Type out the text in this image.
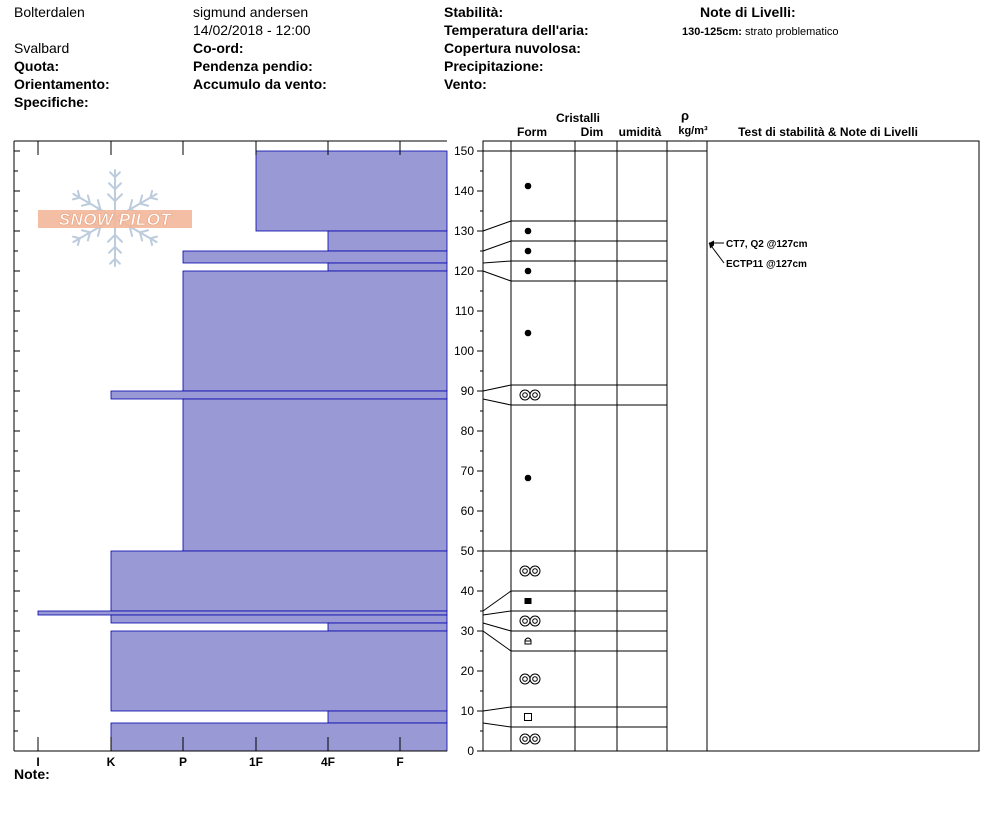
Bolterdalen	sigmund andersen
14/02/2018 - 12:00
Svalbard
Quota:
Orientamento:
Specifiche:
Co-ord:
Pendenza pendio:
Accumulo da vento:
Stabilità:
Temperatura dell'aria:
Copertura nuvolosa:
Precipitazione:
Vento:
Note di Livelli:
130-125cm: strato problematico
Note:
SNOW PILOT
I	K	P	1F	4F	F
0
10
20
30
40
50
60
70
80
90
100
110
120
130
140
150
Cristalli
Form	Dim umidità
ρ
kg/m³	Test di stabilità & Note di Livelli
CT7, Q2 @127cm
ECTP11 @127cm
